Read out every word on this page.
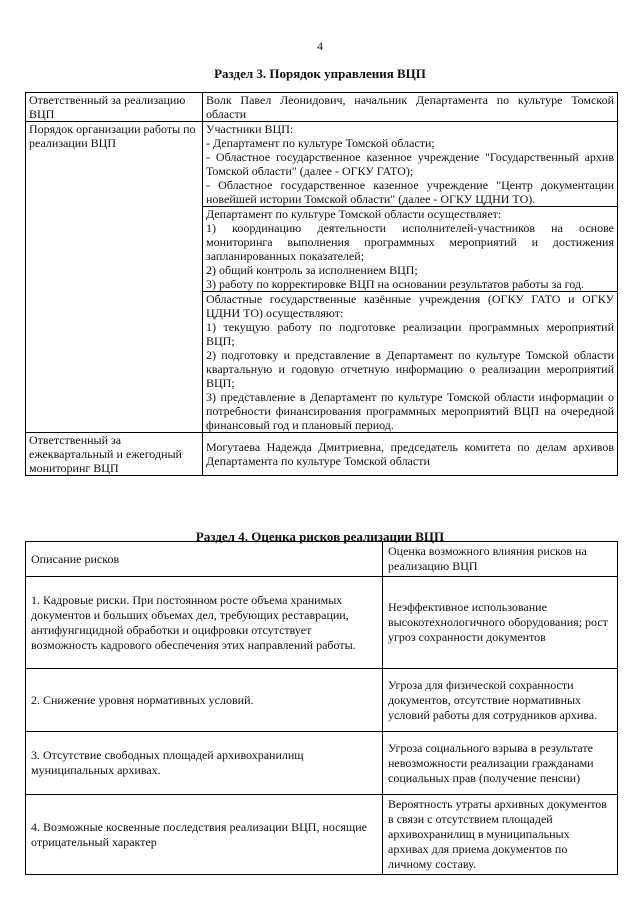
4
Раздел 3. Порядок управления ВЦП
Ответственный за реализацию ВЦП	Волк Павел Леонидович, начальник Департамента по культуре Томской области
Порядок организации работы по реализации ВЦП	Участники ВЦП:
- Департамент по культуре Томской области;
- Областное государственное казенное учреждение "Государственный архив Томской области" (далее - ОГКУ ГАТО);
- Областное государственное казенное учреждение "Центр документации новейшей истории Томской области" (далее - ОГКУ ЦДНИ ТО).

	Департамент по культуре Томской области осуществляет:
1) координацию деятельности исполнителей-участников на основе мониторинга выполнения программных мероприятий и достижения запланированных показателей;
2) общий контроль за исполнением ВЦП;
3) работу по корректировке ВЦП на основании результатов работы за год.

	Областные государственные казённые учреждения (ОГКУ ГАТО и ОГКУ ЦДНИ ТО) осуществляют:
1) текущую работу по подготовке реализации программных мероприятий ВЦП;
2) подготовку и представление в Департамент по культуре Томской области квартальную и годовую отчетную информацию о реализации мероприятий ВЦП;
3) представление в Департамент по культуре Томской области информации о потребности финансирования программных мероприятий ВЦП на очередной финансовый год и плановый период.

Ответственный за ежеквартальный и ежегодный мониторинг ВЦП	Могутаева Надежда Дмитриевна, председатель комитета по делам архивов Департамента по культуре Томской области
Раздел 4. Оценка рисков реализации ВЦП
Описание рисков	Оценка возможного влияния рисков на реализацию ВЦП
1. Кадровые риски. При постоянном росте объема хранимых документов и больших объемах дел, требующих реставрации, антифунгицидной обработки и оцифровки отсутствует возможность кадрового обеспечения этих направлений работы.	Неэффективное использование высокотехнологичного оборудования; рост угроз сохранности документов
2. Снижение уровня нормативных условий.	Угроза для физической сохранности документов, отсутствие нормативных условий работы для сотрудников архива.
3. Отсутствие свободных площадей архивохранилищ муниципальных архивах.	Угроза социального взрыва в результате невозможности реализации гражданами социальных прав (получение пенсии)
4. Возможные косвенные последствия реализации ВЦП, носящие отрицательный характер	Вероятность утраты архивных документов в связи с отсутствием площадей архивохранилищ в муниципальных архивах для приема документов по личному составу.
